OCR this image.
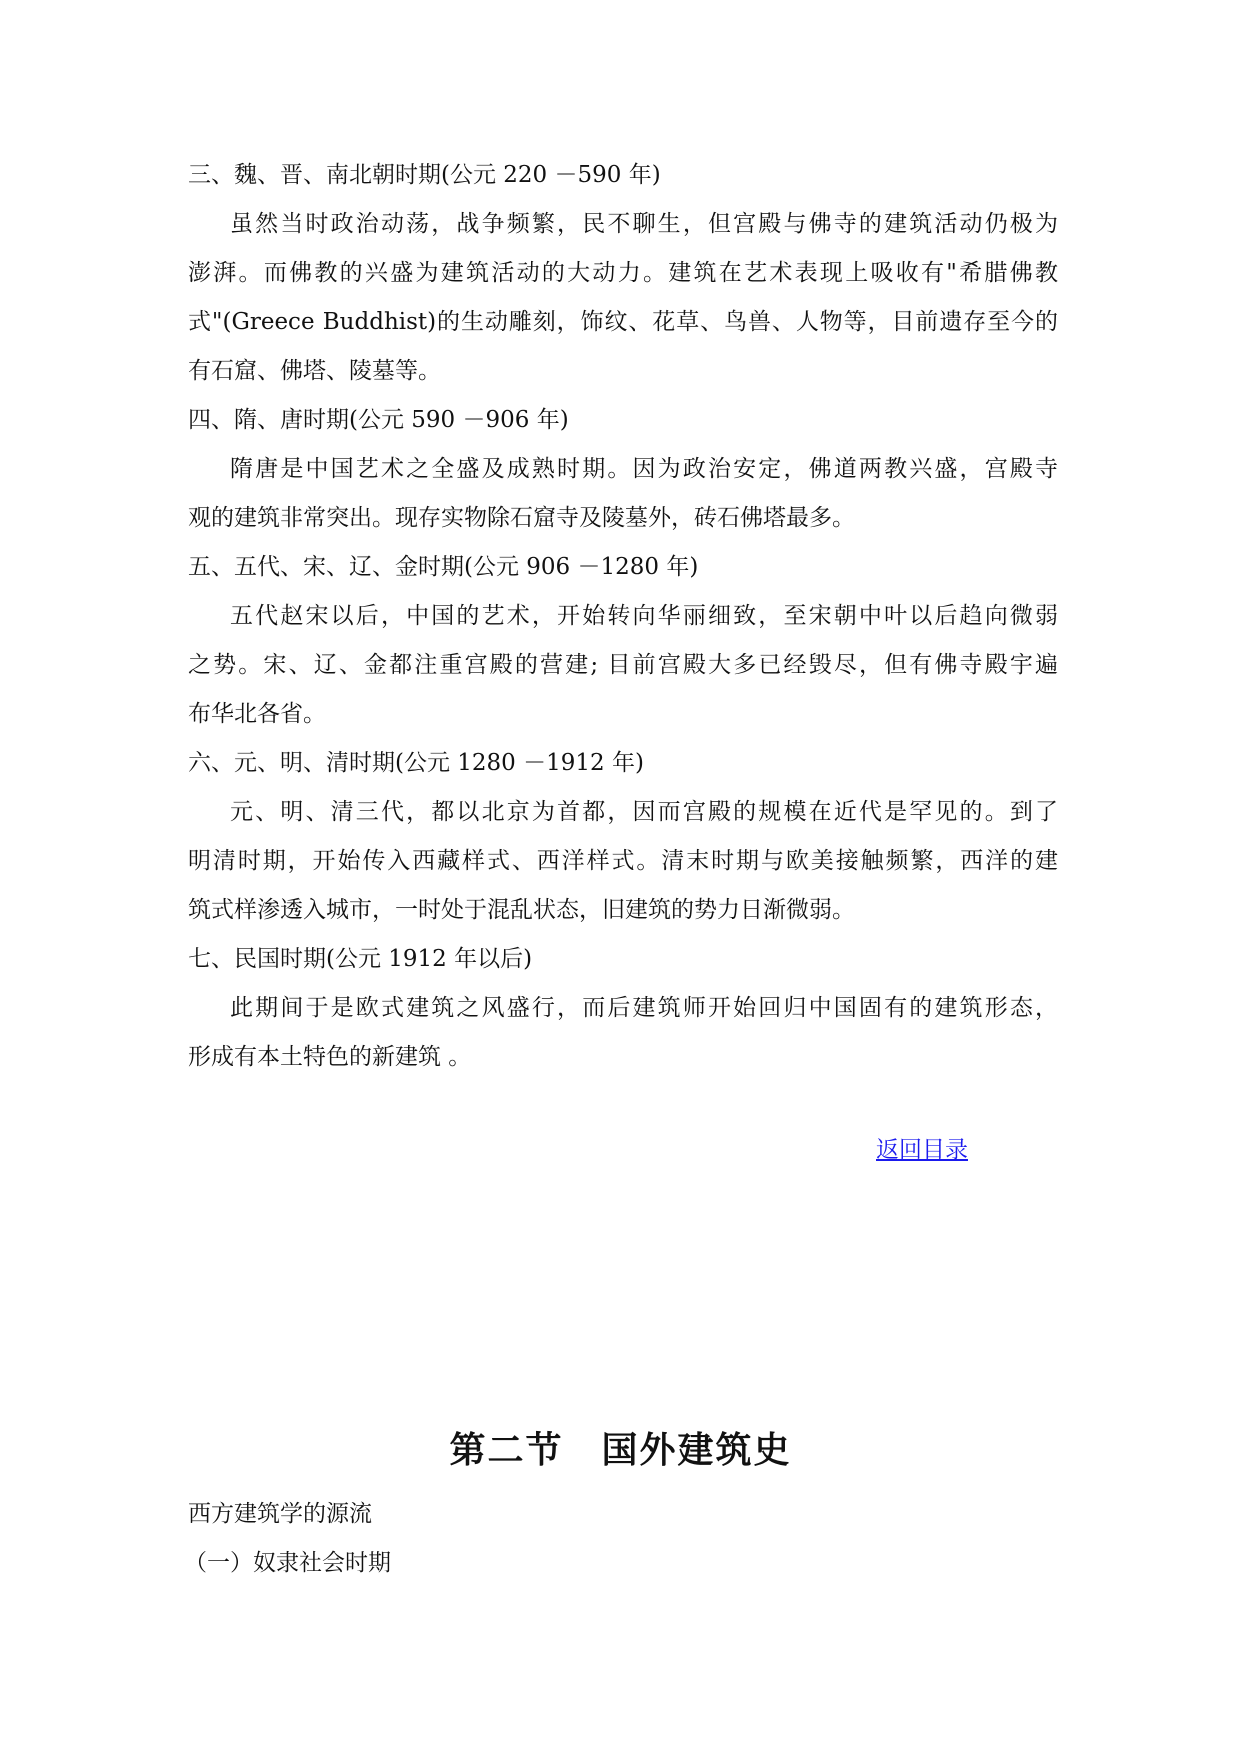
三、魏、晋、南北朝时期(公元 220 －590 年)
虽然当时政治动荡，战争频繁，民不聊生，但宫殿与佛寺的建筑活动仍极为
澎湃。而佛教的兴盛为建筑活动的大动力。建筑在艺术表现上吸收有"希腊佛教
式"(Greece Buddhist)的生动雕刻，饰纹、花草、鸟兽、人物等，目前遗存至今的
有石窟、佛塔、陵墓等。
四、隋、唐时期(公元 590 －906 年)
隋唐是中国艺术之全盛及成熟时期。因为政治安定，佛道两教兴盛，宫殿寺
观的建筑非常突出。现存实物除石窟寺及陵墓外，砖石佛塔最多。
五、五代、宋、辽、金时期(公元 906 －1280 年)
五代赵宋以后，中国的艺术，开始转向华丽细致，至宋朝中叶以后趋向微弱
之势。宋、辽、金都注重宫殿的营建; 目前宫殿大多已经毁尽，但有佛寺殿宇遍
布华北各省。
六、元、明、清时期(公元 1280 －1912 年)
元、明、清三代，都以北京为首都，因而宫殿的规模在近代是罕见的。到了
明清时期，开始传入西藏样式、西洋样式。清末时期与欧美接触频繁，西洋的建
筑式样渗透入城市，一时处于混乱状态，旧建筑的势力日渐微弱。
七、民国时期(公元 1912 年以后)
此期间于是欧式建筑之风盛行，而后建筑师开始回归中国固有的建筑形态，
形成有本土特色的新建筑 。
返回目录
第二节　国外建筑史
西方建筑学的源流
（一）奴隶社会时期
